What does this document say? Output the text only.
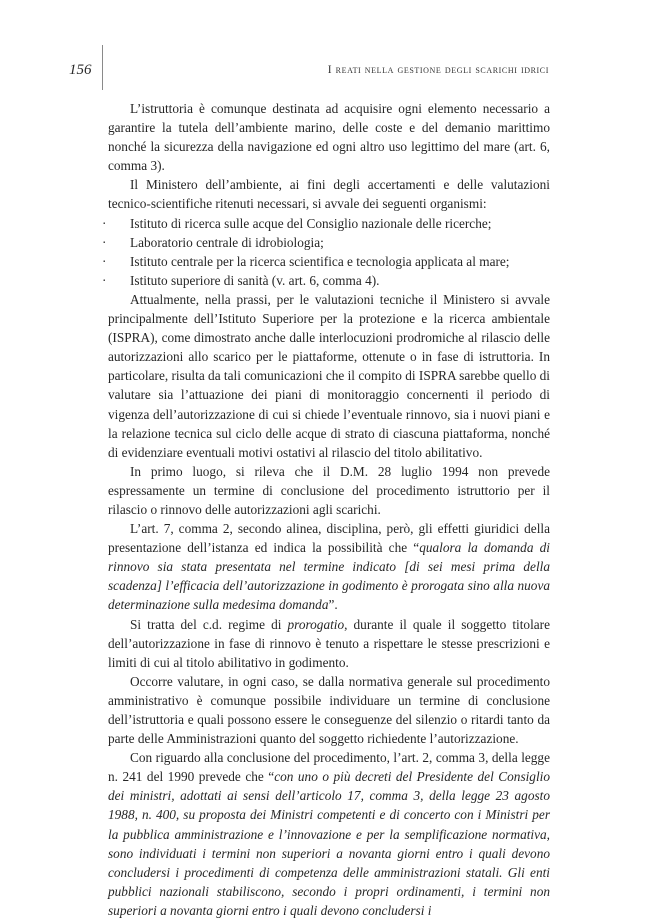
156	I reati nella gestione degli scarichi idrici

L’istruttoria è comunque destinata ad acquisire ogni elemento necessario a garantire la tutela dell’ambiente marino, delle coste e del demanio marittimo nonché la sicurezza della navigazione ed ogni altro uso legittimo del mare (art. 6, comma 3).

Il Ministero dell’ambiente, ai fini degli accertamenti e delle valutazioni tecnico-scientifiche ritenuti necessari, si avvale dei seguenti organismi:

· Istituto di ricerca sulle acque del Consiglio nazionale delle ricerche;
· Laboratorio centrale di idrobiologia;
· Istituto centrale per la ricerca scientifica e tecnologia applicata al mare;
· Istituto superiore di sanità (v. art. 6, comma 4).

Attualmente, nella prassi, per le valutazioni tecniche il Ministero si avvale principalmente dell’Istituto Superiore per la protezione e la ricerca ambientale (ISPRA), come dimostrato anche dalle interlocuzioni prodromiche al rilascio delle autorizzazioni allo scarico per le piattaforme, ottenute o in fase di istruttoria. In particolare, risulta da tali comunicazioni che il compito di ISPRA sarebbe quello di valutare sia l’attuazione dei piani di monitoraggio concernenti il periodo di vigenza dell’autorizzazione di cui si chiede l’eventuale rinnovo, sia i nuovi piani e la relazione tecnica sul ciclo delle acque di strato di ciascuna piattaforma, nonché di evidenziare eventuali motivi ostativi al rilascio del titolo abilitativo.

In primo luogo, si rileva che il D.M. 28 luglio 1994 non prevede espressamente un termine di conclusione del procedimento istruttorio per il rilascio o rinnovo delle autorizzazioni agli scarichi.

L’art. 7, comma 2, secondo alinea, disciplina, però, gli effetti giuridici della presentazione dell’istanza ed indica la possibilità che “qualora la domanda di rinnovo sia stata presentata nel termine indicato [di sei mesi prima della scadenza] l’efficacia dell’autorizzazione in godimento è prorogata sino alla nuova determinazione sulla medesima domanda”.

Si tratta del c.d. regime di prorogatio, durante il quale il soggetto titolare dell’autorizzazione in fase di rinnovo è tenuto a rispettare le stesse prescrizioni e limiti di cui al titolo abilitativo in godimento.

Occorre valutare, in ogni caso, se dalla normativa generale sul procedimento amministrativo è comunque possibile individuare un termine di conclusione dell’istruttoria e quali possono essere le conseguenze del silenzio o ritardi tanto da parte delle Amministrazioni quanto del soggetto richiedente l’autorizzazione.

Con riguardo alla conclusione del procedimento, l’art. 2, comma 3, della legge n. 241 del 1990 prevede che “con uno o più decreti del Presidente del Consiglio dei ministri, adottati ai sensi dell’articolo 17, comma 3, della legge 23 agosto 1988, n. 400, su proposta dei Ministri competenti e di concerto con i Ministri per la pubblica amministrazione e l’innovazione e per la semplificazione normativa, sono individuati i termini non superiori a novanta giorni entro i quali devono concludersi i procedimenti di competenza delle amministrazioni statali. Gli enti pubblici nazionali stabiliscono, secondo i propri ordinamenti, i termini non superiori a novanta giorni entro i quali devono concludersi i
